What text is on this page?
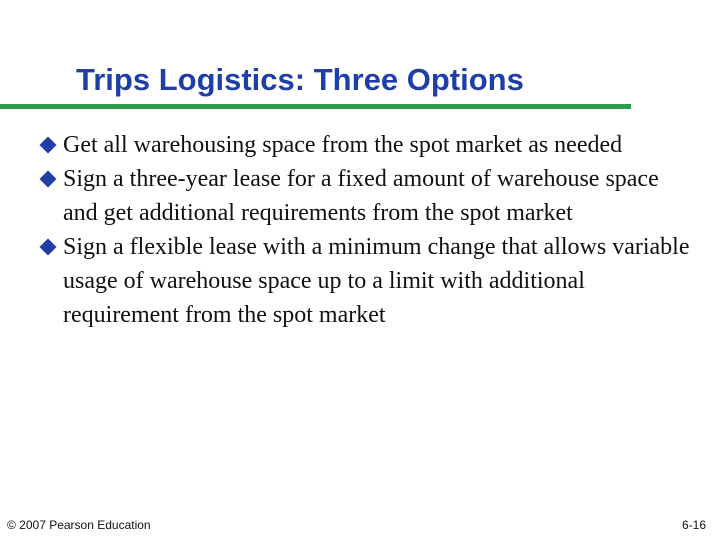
Trips Logistics: Three Options
Get all warehousing space from the spot market as needed
Sign a three-year lease for a fixed amount of warehouse space and get additional requirements from the spot market
Sign a flexible lease with a minimum change that allows variable usage of warehouse space up to a limit with additional requirement from the spot market
© 2007 Pearson Education	6-16
